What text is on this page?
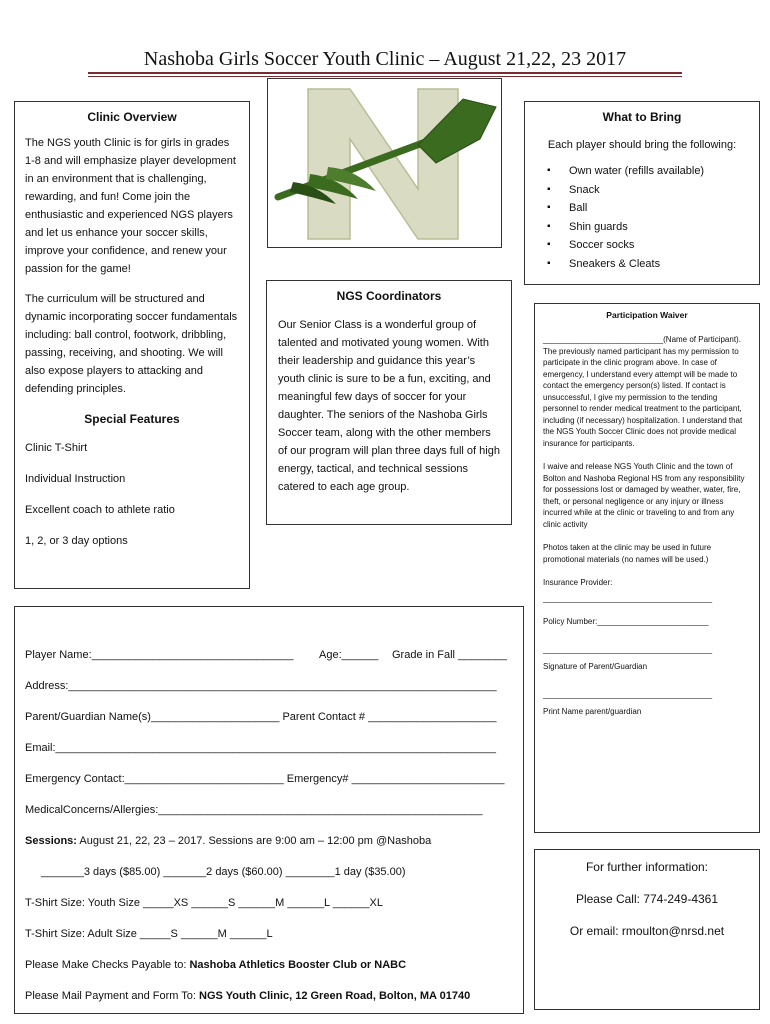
Nashoba Girls Soccer Youth Clinic – August 21,22, 23 2017
Clinic Overview
The NGS youth Clinic is for girls in grades 1-8 and will emphasize player development in an environment that is challenging, rewarding, and fun! Come join the enthusiastic and experienced NGS players and let us enhance your soccer skills, improve your confidence, and renew your passion for the game!
The curriculum will be structured and dynamic incorporating soccer fundamentals including: ball control, footwork, dribbling, passing, receiving, and shooting. We will also expose players to attacking and defending principles.
Special Features
Clinic T-Shirt
Individual Instruction
Excellent coach to athlete ratio
1, 2, or 3 day options
NGS Coordinators
Our Senior Class is a wonderful group of talented and motivated young women. With their leadership and guidance this year’s youth clinic is sure to be a fun, exciting, and meaningful few days of soccer for your daughter. The seniors of the Nashoba Girls Soccer team, along with the other members of our program will plan three days full of high energy, tactical, and technical sessions catered to each age group.
What to Bring
Each player should bring the following:
▪ Own water (refills available)
▪ Snack
▪ Ball
▪ Shin guards
▪ Soccer socks
▪ Sneakers & Cleats
Participation Waiver
___________________________(Name of Participant). The previously named participant has my permission to participate in the clinic program above. In case of emergency, I understand every attempt will be made to contact the emergency person(s) listed. If contact is unsuccessful, I give my permission to the tending personnel to render medical treatment to the participant, including (if necessary) hospitalization. I understand that the NGS Youth Soccer Clinic does not provide medical insurance for participants.
I waive and release NGS Youth Clinic and the town of Bolton and Nashoba Regional HS from any responsibility for possessions lost or damaged by weather, water, fire, theft, or personal negligence or any injury or illness incurred while at the clinic or traveling to and from any clinic activity
Photos taken at the clinic may be used in future promotional materials (no names will be used.)
Insurance Provider:
______________________________________
Policy Number:_________________________
______________________________________
Signature of Parent/Guardian
______________________________________
Print Name parent/guardian
For further information:
Please Call: 774-249-4361
Or email: rmoulton@nrsd.net
Player Name:_________________________________ Age:______ Grade in Fall ________
Address:______________________________________________________________________
Parent/Guardian Name(s)_____________________ Parent Contact # _____________________
Email:________________________________________________________________________
Emergency Contact:__________________________ Emergency# _________________________
MedicalConcerns/Allergies:_____________________________________________________
Sessions: August 21, 22, 23 – 2017. Sessions are 9:00 am – 12:00 pm @Nashoba
_______3 days ($85.00) _______2 days ($60.00) ________1 day ($35.00)
T-Shirt Size: Youth Size _____XS ______S ______M ______L ______XL
T-Shirt Size: Adult Size _____S ______M ______L
Please Make Checks Payable to: Nashoba Athletics Booster Club or NABC
Please Mail Payment and Form To: NGS Youth Clinic, 12 Green Road, Bolton, MA 01740
